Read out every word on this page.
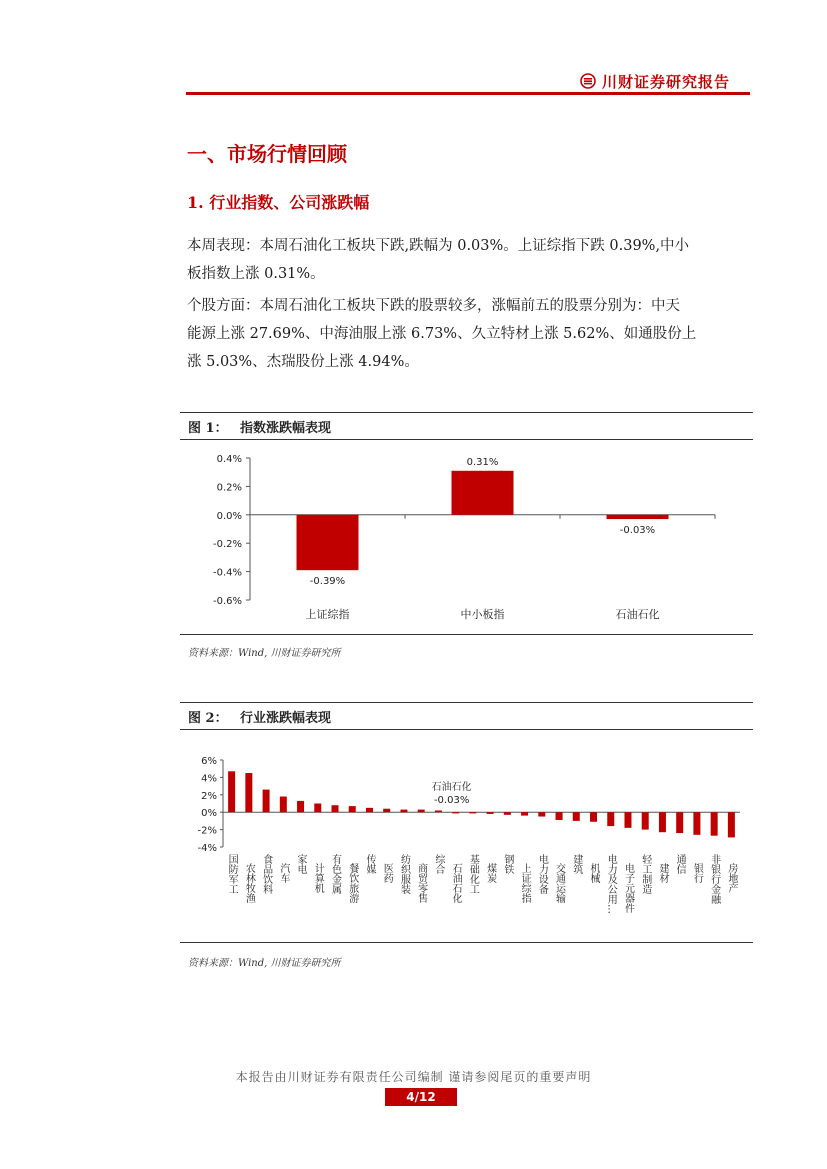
川财证券研究报告
一、市场行情回顾
1. 行业指数、公司涨跌幅
本周表现：本周石油化工板块下跌,跌幅为 0.03%。上证综指下跌 0.39%,中小
板指数上涨 0.31%。
个股方面：本周石油化工板块下跌的股票较多，涨幅前五的股票分别为：中天
能源上涨 27.69%、中海油服上涨 6.73%、久立特材上涨 5.62%、如通股份上
涨 5.03%、杰瑞股份上涨 4.94%。
图 1： 指数涨跌幅表现
0.4%
0.2%
0.0%
-0.2%
-0.4%
-0.6%
-0.39%
上证综指
0.31%
中小板指
-0.03%
石油石化
资料来源：Wind, 川财证券研究所
图 2： 行业涨跌幅表现
6%
4%
2%
0%
-2%
-4%
国防军工 农林牧渔 食品饮料 汽车 家电 计算机 有色金属 餐饮旅游 传媒 医药 纺织服装 商贸零售 综合 石油石化 基础化工 煤炭 钢铁 上证综指 电力设备 交通运输 建筑 机械 电力及公用… 电子元器件 轻工制造 建材 通信 银行 非银行金融 房地产
石油石化
-0.03%
资料来源：Wind, 川财证券研究所
本报告由川财证券有限责任公司编制 谨请参阅尾页的重要声明
4/12
